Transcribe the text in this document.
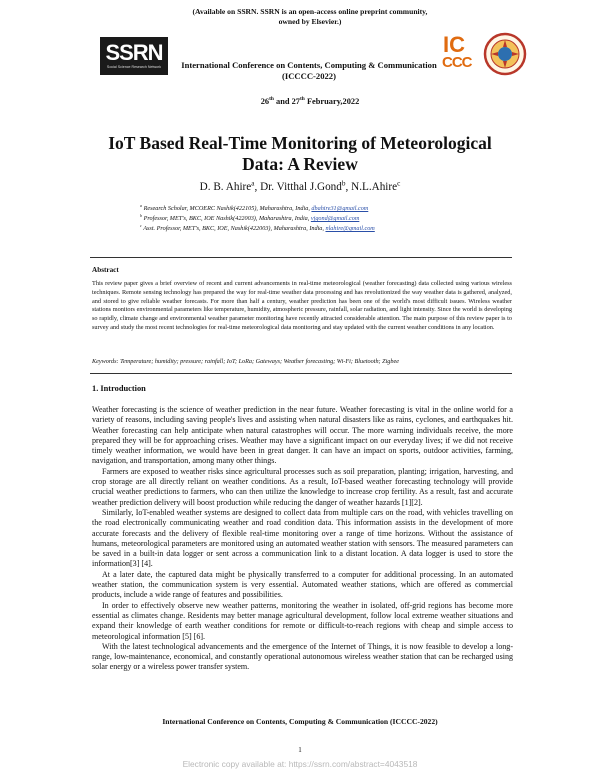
(Available on SSRN. SSRN is an open-access online preprint community, owned by Elsevier.)
SSRN
Social Science Research Network	International Conference on Contents, Computing & Communication (ICCCC-2022)
IC
CCC
26th and 27th February,2022
IoT Based Real-Time Monitoring of Meteorological Data: A Review
D. B. Ahire$^a$, Dr. Vitthal J.Gond$^b$, N.L.Ahire$^c$
$^a$ Research Scholar, MCOERC Nashik(422105), Maharashtra, India, dbahire31@gmail.com
$^b$ Professor, MET's, BKC, IOE Nashik(422003), Maharashtra, India, vjgond@gmail.com
$^c$ Asst. Professor, MET's, BKC, IOE, Nashik(422003), Maharashtra, India, nlahire@gmail.com
Abstract
This review paper gives a brief overview of recent and current advancements in real-time meteorological (weather forecasting) data collected using various wireless techniques. Remote sensing technology has prepared the way for real-time weather data processing and has revolutionized the way weather data is gathered, analyzed, and stored to give reliable weather forecasts. For more than half a century, weather prediction has been one of the world's most difficult issues. Wireless weather stations monitors environmental parameters like temperature, humidity, atmospheric pressure, rainfall, solar radiation, and light intensity. Since the world is developing so rapidly, climate change and environmental weather parameter monitoring have recently attracted considerable attention. The main purpose of this review paper is to survey and study the most recent technologies for real-time meteorological data monitoring and stay updated with the current weather conditions in any location.
Keywords: Temperature; humidity; pressure; rainfall; IoT; LoRa; Gateways; Weather forecasting; Wi-Fi; Bluetooth; Zigbee
1. Introduction

Weather forecasting is the science of weather prediction in the near future. Weather forecasting is vital in the online world for a variety of reasons, including saving people's lives and assisting when natural disasters like as rains, cyclones, and earthquakes hit. Weather forecasting can help anticipate when natural catastrophes will occur. The more warning individuals receive, the more prepared they will be for approaching crises. Weather may have a significant impact on our everyday lives; if we did not receive timely weather information, we would have been in great danger. It can have an impact on sports, outdoor activities, farming, navigation, and transportation, among many other things.

Farmers are exposed to weather risks since agricultural processes such as soil preparation, planting; irrigation, harvesting, and crop storage are all directly reliant on weather conditions. As a result, IoT-based weather forecasting technology will provide crucial weather predictions to farmers, who can then utilize the knowledge to increase crop fertility. As a result, fast and accurate weather prediction delivery will boost production while reducing the danger of weather hazards [1][2].

Similarly, IoT-enabled weather systems are designed to collect data from multiple cars on the road, with vehicles travelling on the road electronically communicating weather and road condition data. This information assists in the development of more accurate forecasts and the delivery of flexible real-time monitoring over a range of time horizons. Without the assistance of humans, meteorological parameters are monitored using an automated weather station with sensors. The measured parameters can be saved in a built-in data logger or sent across a communication link to a distant location. A data logger is used to store the information[3] [4].

At a later date, the captured data might be physically transferred to a computer for additional processing. In an automated weather station, the communication system is very essential. Automated weather stations, which are offered as commercial products, include a wide range of features and possibilities.

In order to effectively observe new weather patterns, monitoring the weather in isolated, off-grid regions has become more essential as climates change. Residents may better manage agricultural development, follow local extreme weather situations and expand their knowledge of earth weather conditions for remote or difficult-to-reach regions with cheap and simple access to meteorological information [5] [6].

With the latest technological advancements and the emergence of the Internet of Things, it is now feasible to develop a long-range, low-maintenance, economical, and constantly operational autonomous wireless weather station that can be recharged using solar energy or a wireless power transfer system.

International Conference on Contents, Computing & Communication (ICCCC-2022)
1
Electronic copy available at: https://ssrn.com/abstract=4043518
